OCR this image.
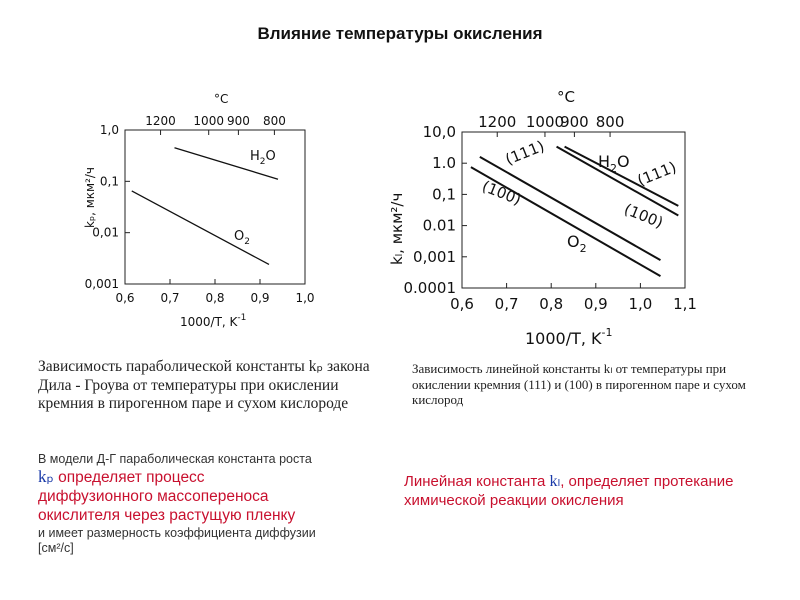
Влияние температуры окисления
1,0
0,1
0,01
0,001
0,6 0,7 0,8 0,9 1,0
1200 1000 900 800
°C
1000/T, $K^{-1}$
kₚ, мкм²/ч
$H_2O$
$O_2$
10,0
1.0
0,1
0.01
0,001
0.0001
0,6 0,7 0,8 0,9 1,0 1,1
1200 1000
900 800
°C
1000/T, $K^{-1}$
kₗ, мкм²/ч
$H_2O$
$O_2$
(111)
(111)
(100)
(100)
Зависимость параболической константы kₚ закона Дила - Гроува от температуры при окислении кремния в пирогенном паре и сухом кислороде
Зависимость линейной константы kₗ от температуры при окислении кремния (111) и (100) в пирогенном паре и сухом кислород
В модели Д-Г параболическая константа роста
kₚ определяет процесс
диффузионного массопереноса
окислителя через растущую пленку
и имеет размерность коэффициента диффузии
[см²/с]
Линейная константа kₗ, определяет протекание химической реакции окисления
